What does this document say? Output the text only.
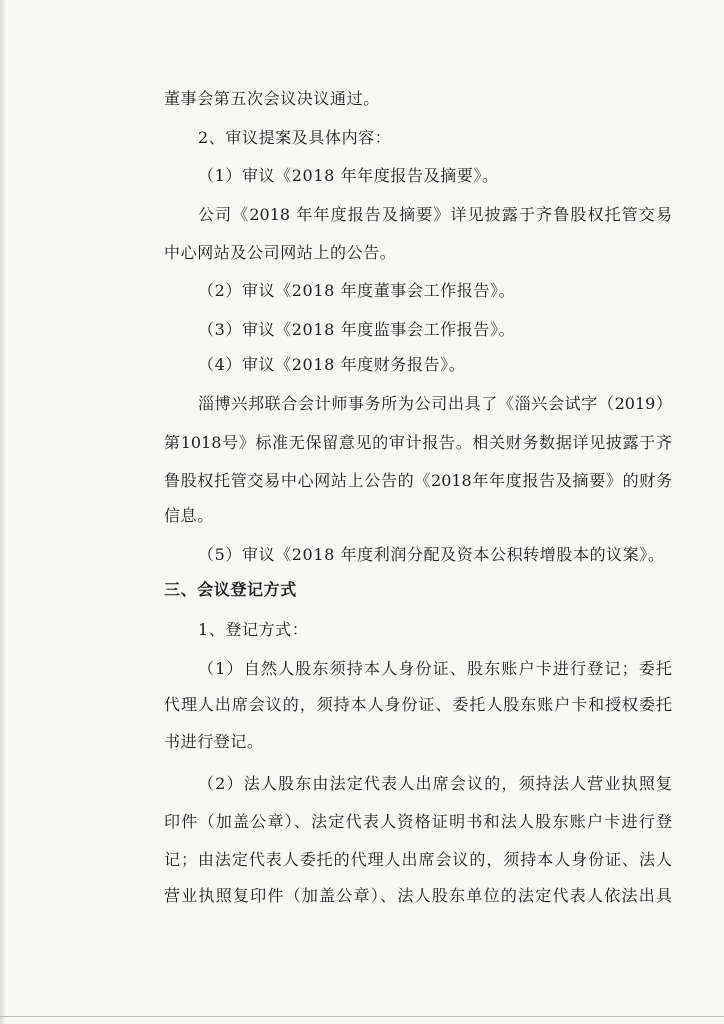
董事会第五次会议决议通过。
2、审议提案及具体内容：
（1）审议《2018 年年度报告及摘要》。
公司《2018 年年度报告及摘要》详见披露于齐鲁股权托管交易
中心网站及公司网站上的公告。
（2）审议《2018 年度董事会工作报告》。
（3）审议《2018 年度监事会工作报告》。
（4）审议《2018 年度财务报告》。
淄博兴邦联合会计师事务所为公司出具了《淄兴会试字（2019）
第1018号》标准无保留意见的审计报告。相关财务数据详见披露于齐
鲁股权托管交易中心网站上公告的《2018年年度报告及摘要》的财务
信息。
（5）审议《2018 年度利润分配及资本公积转增股本的议案》。
三、会议登记方式
1、登记方式：
（1）自然人股东须持本人身份证、股东账户卡进行登记；委托
代理人出席会议的，须持本人身份证、委托人股东账户卡和授权委托
书进行登记。
（2）法人股东由法定代表人出席会议的，须持法人营业执照复
印件（加盖公章）、法定代表人资格证明书和法人股东账户卡进行登
记；由法定代表人委托的代理人出席会议的，须持本人身份证、法人
营业执照复印件（加盖公章）、法人股东单位的法定代表人依法出具
